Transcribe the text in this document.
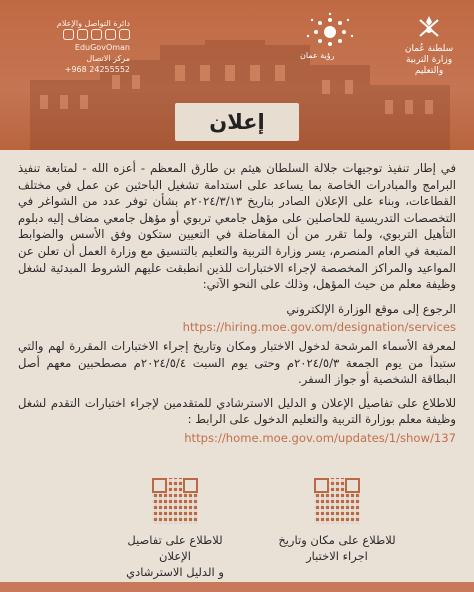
دائرة التواصل والإعلام
EduGovOman
مركز الاتصال
+968 24255552
رؤية عمان
سلطنة عُمان
وزارة التربية والتعليم
إعلان

في إطار تنفيذ توجيهات جلالة السلطان هيثم بن طارق المعظم - أعزه الله - لمتابعة تنفيذ البرامج والمبادرات الخاصة بما يساعد على استدامة تشغيل الباحثين عن عمل في مختلف القطاعات، وبناء على الإعلان الصادر بتاريخ ٢٠٢٤/٣/١٣م بشأن توفر عدد من الشواغر في التخصصات التدريسية للحاصلين على مؤهل جامعي تربوي أو مؤهل جامعي مضاف إليه دبلوم التأهيل التربوي، ولما تقرر من أن المفاضلة في التعيين ستكون وفق الأسس والضوابط المتبعة في العام المنصرم، يسر وزارة التربية والتعليم بالتنسيق مع وزارة العمل أن تعلن عن المواعيد والمراكز المخصصة لإجراء الاختبارات للذين انطبقت عليهم الشروط المبدئية لشغل وظيفة معلم من حيث المؤهل، وذلك على النحو الآتي:

الرجوع إلى موقع الوزارة الإلكتروني
https://hiring.moe.gov.om/designation/services
لمعرفة الأسماء المرشحة لدخول الاختبار ومكان وتاريخ إجراء الاختبارات المقررة لهم والتي ستبدأ من يوم الجمعة ٢٠٢٤/٥/٣م وحتى يوم السبت ٢٠٢٤/٥/٤م مصطحبين معهم أصل البطاقة الشخصية أو جواز السفر.
للاطلاع على تفاصيل الإعلان و الدليل الاسترشادي للمتقدمين لإجراء اختبارات التقدم لشغل وظيفة معلم بوزارة التربية والتعليم الدخول على الرابط :
https://home.moe.gov.om/updates/1/show/137
للاطلاع على تفاصيل الإعلان
و الدليل الاسترشادي
للاطلاع على مكان وتاريخ
اجراء الاختبار
